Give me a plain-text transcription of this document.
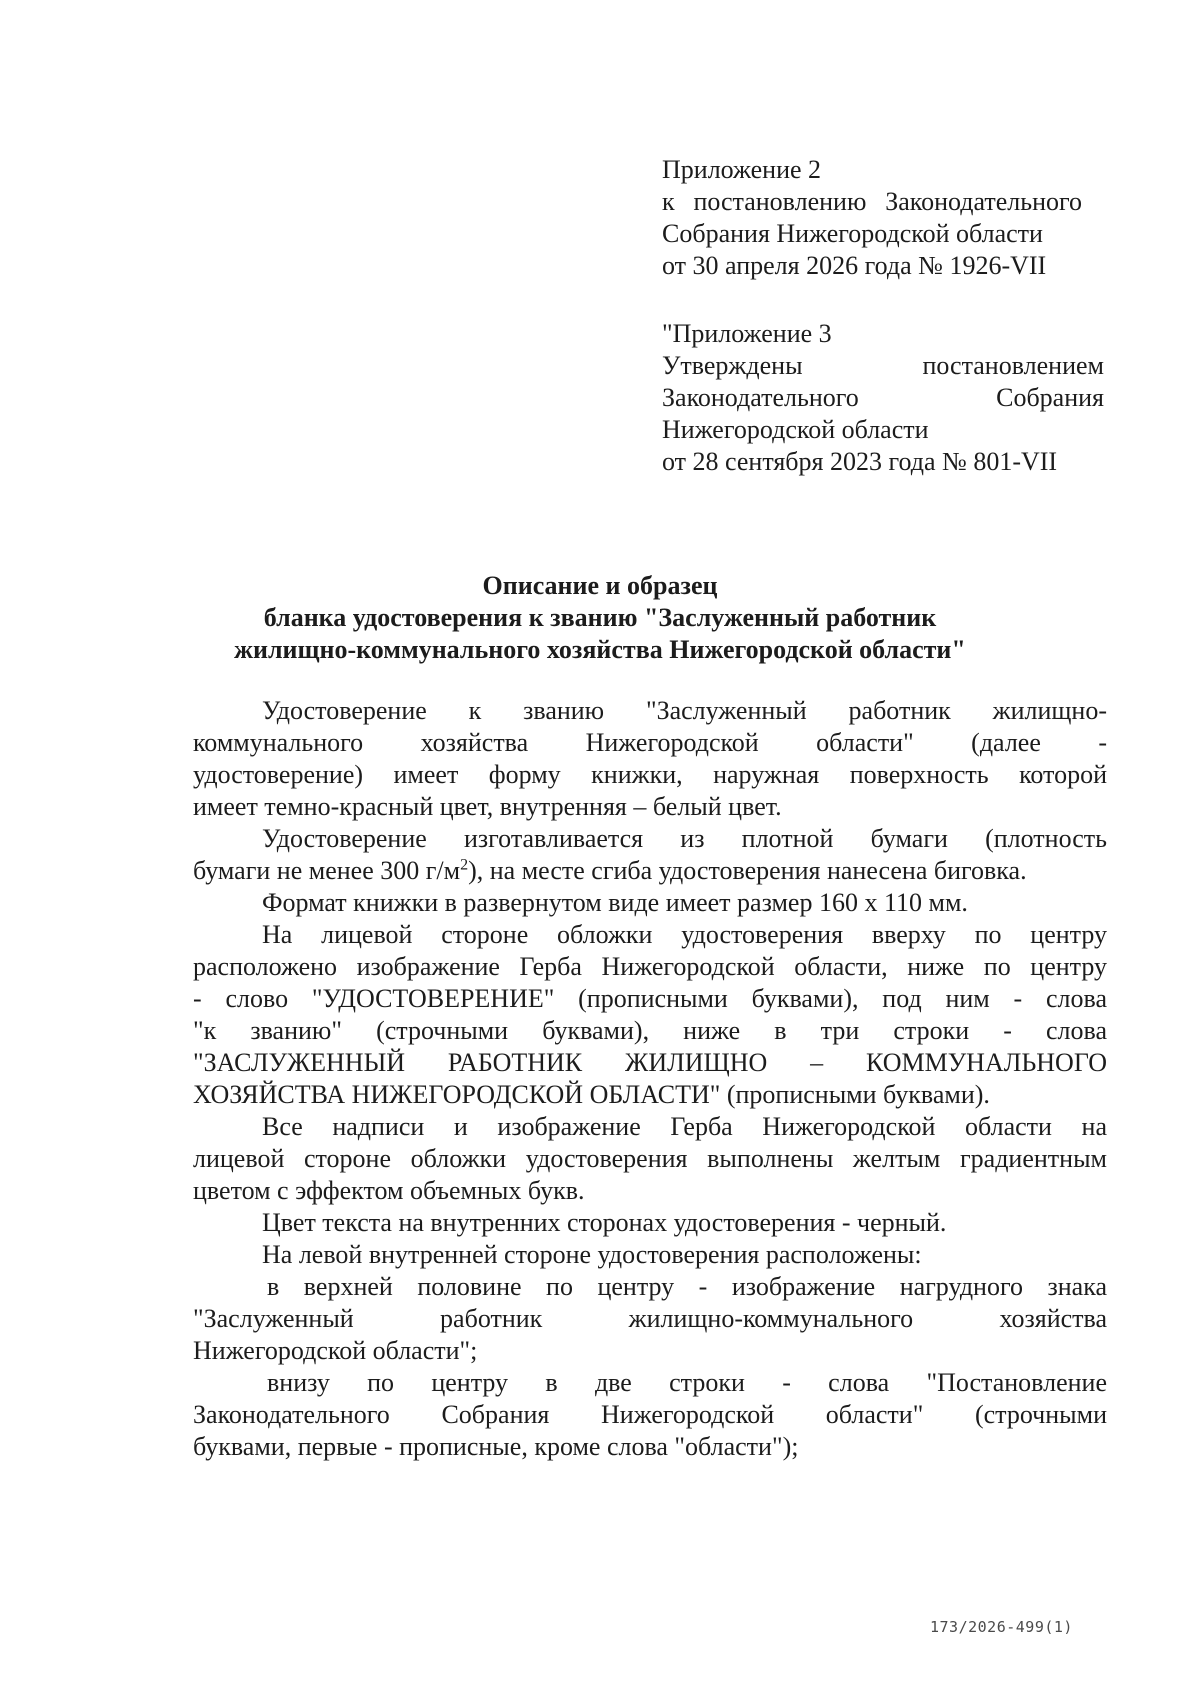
Приложение 2
к постановлению Законодательного
Собрания Нижегородской области
от 30 апреля 2026 года № 1926-VII
"Приложение 3
Утверждены постановлением
Законодательного Собрания
Нижегородской области
от 28 сентября 2023 года № 801-VII
Описание и образец
бланка удостоверения к званию "Заслуженный работник
жилищно-коммунального хозяйства Нижегородской области"
Удостоверение к званию "Заслуженный работник жилищно-
коммунального хозяйства Нижегородской области" (далее -
удостоверение) имеет форму книжки, наружная поверхность которой
имеет темно-красный цвет, внутренняя – белый цвет.
Удостоверение изготавливается из плотной бумаги (плотность
бумаги не менее 300 $г/м^2$), на месте сгиба удостоверения нанесена биговка.
Формат книжки в развернутом виде имеет размер 160 х 110 мм.
На лицевой стороне обложки удостоверения вверху по центру
расположено изображение Герба Нижегородской области, ниже по центру
- слово "УДОСТОВЕРЕНИЕ" (прописными буквами), под ним - слова
"к званию" (строчными буквами), ниже в три строки - слова
"ЗАСЛУЖЕННЫЙ РАБОТНИК ЖИЛИЩНО – КОММУНАЛЬНОГО
ХОЗЯЙСТВА НИЖЕГОРОДСКОЙ ОБЛАСТИ" (прописными буквами).
Все надписи и изображение Герба Нижегородской области на
лицевой стороне обложки удостоверения выполнены желтым градиентным
цветом с эффектом объемных букв.
Цвет текста на внутренних сторонах удостоверения - черный.
На левой внутренней стороне удостоверения расположены:
в верхней половине по центру - изображение нагрудного знака
"Заслуженный работник жилищно-коммунального хозяйства
Нижегородской области";
внизу по центру в две строки - слова "Постановление
Законодательного Собрания Нижегородской области" (строчными
буквами, первые - прописные, кроме слова "области");
173/2026-499(1)
